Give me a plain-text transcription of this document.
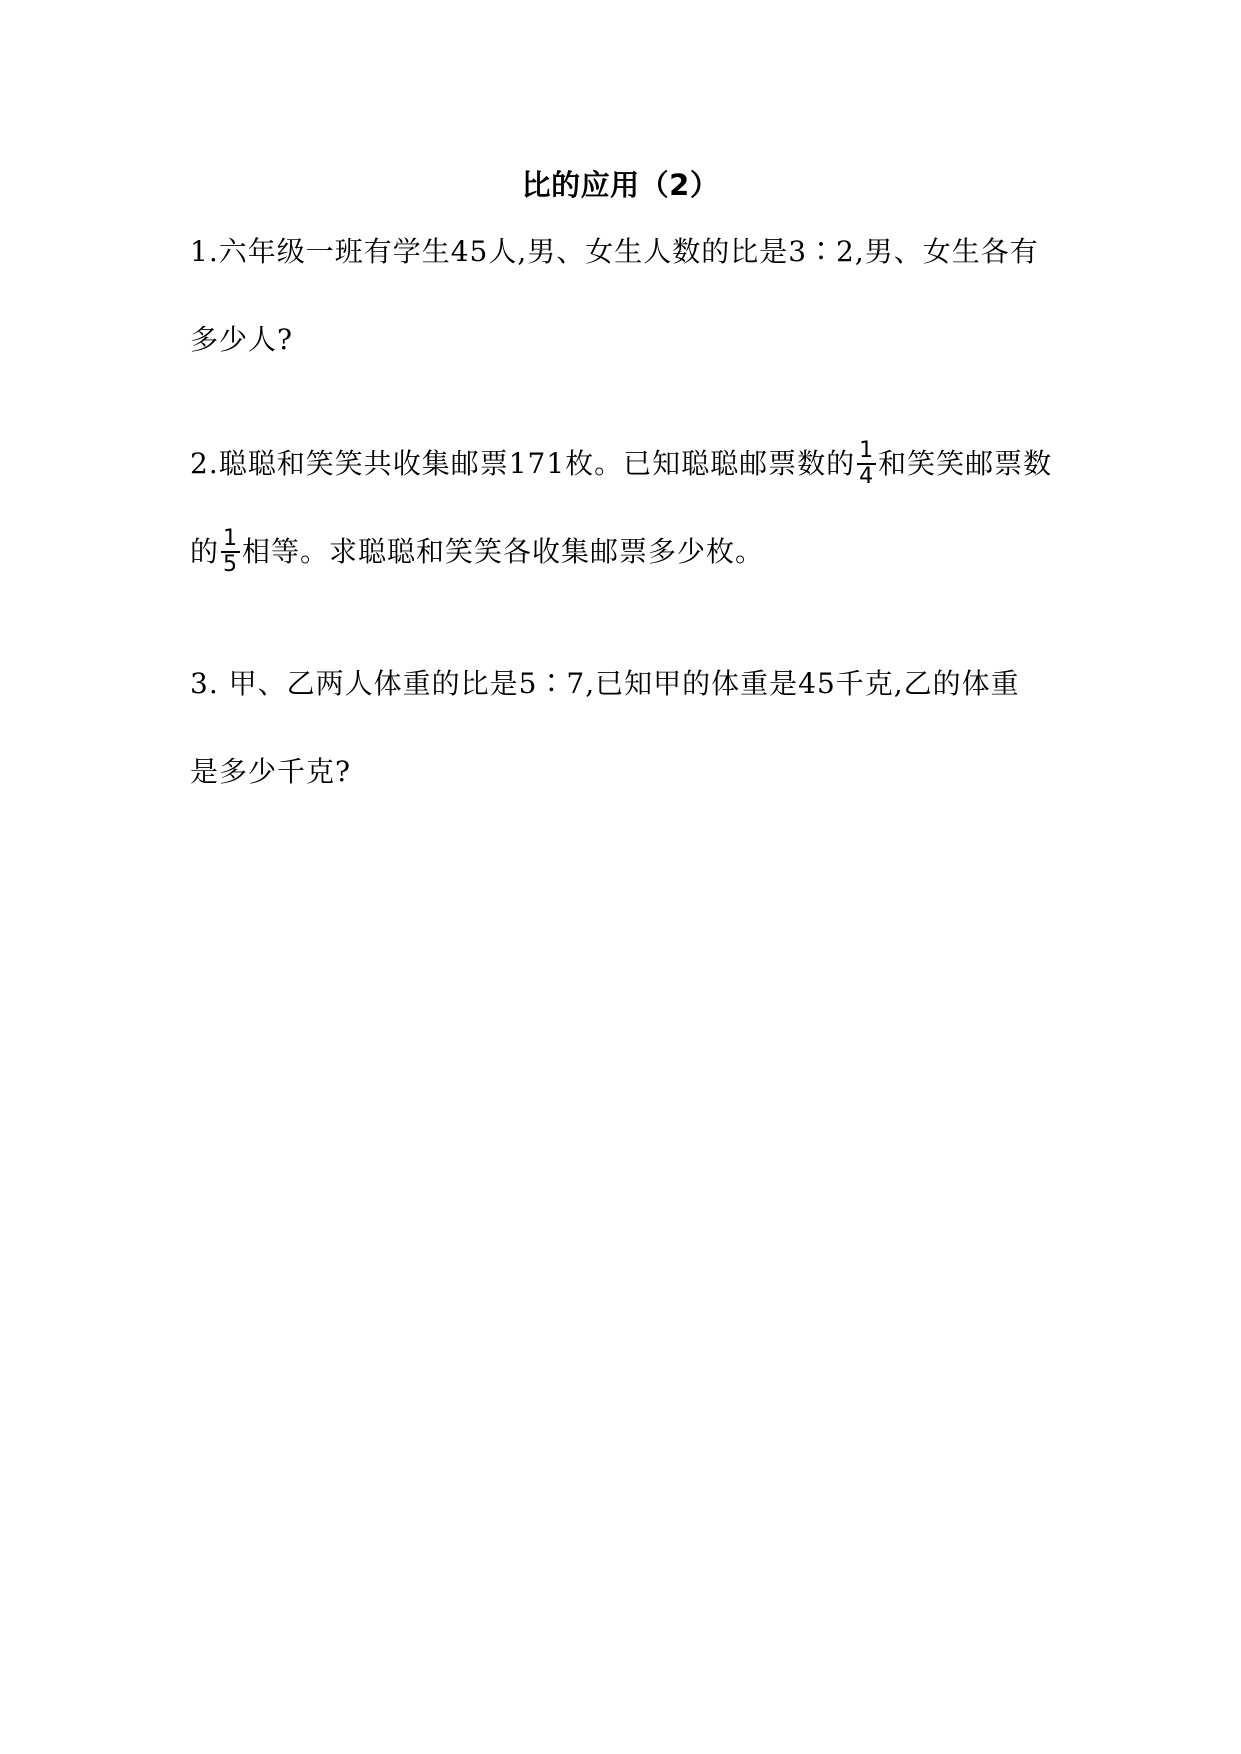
比的应用（2）
1.六年级一班有学生45人,男、女生人数的比是3∶2,男、女生各有
多少人?
2.聪聪和笑笑共收集邮票171枚。已知聪聪邮票数的 $\frac{1}{4}$ 和笑笑邮票数
的 $\frac{1}{5}$ 相等。求聪聪和笑笑各收集邮票多少枚。
3. 甲、乙两人体重的比是5∶7,已知甲的体重是45千克,乙的体重
是多少千克?
